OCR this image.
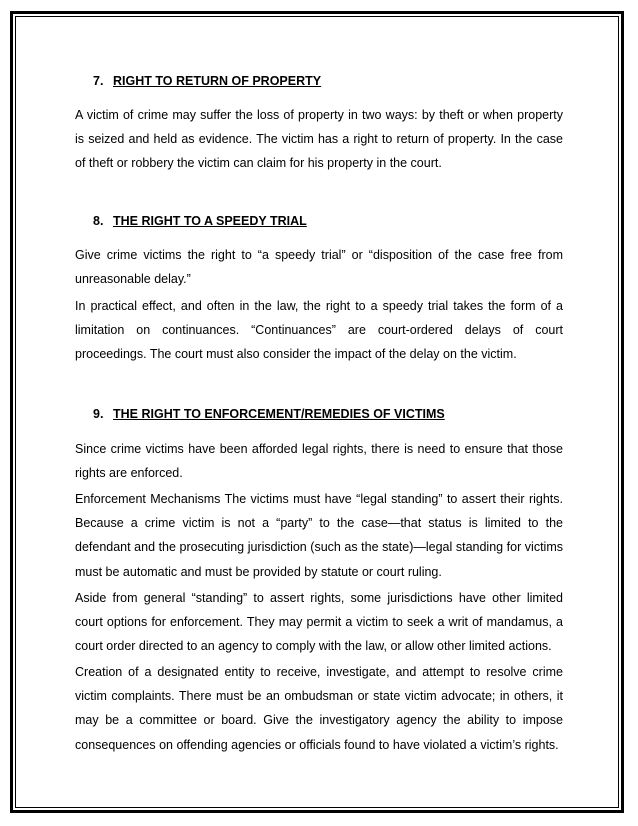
7. RIGHT TO RETURN OF PROPERTY
A victim of crime may suffer the loss of property in two ways: by theft or when property
is seized and held as evidence. The victim has a right to return of property. In the case
of theft or robbery the victim can claim for his property in the court.
8. THE RIGHT TO A SPEEDY TRIAL
Give crime victims the right to “a speedy trial” or “disposition of the case free from
unreasonable delay.”
In practical effect, and often in the law, the right to a speedy trial takes the form of a
limitation on continuances. “Continuances” are court-ordered delays of court
proceedings. The court must also consider the impact of the delay on the victim.
9. THE RIGHT TO ENFORCEMENT/REMEDIES OF VICTIMS
Since crime victims have been afforded legal rights, there is need to ensure that those
rights are enforced.
Enforcement Mechanisms The victims must have “legal standing” to assert their rights.
Because a crime victim is not a “party” to the case—that status is limited to the
defendant and the prosecuting jurisdiction (such as the state)—legal standing for victims
must be automatic and must be provided by statute or court ruling.
Aside from general “standing” to assert rights, some jurisdictions have other limited
court options for enforcement. They may permit a victim to seek a writ of mandamus, a
court order directed to an agency to comply with the law, or allow other limited actions.
Creation of a designated entity to receive, investigate, and attempt to resolve crime
victim complaints. There must be an ombudsman or state victim advocate; in others, it
may be a committee or board. Give the investigatory agency the ability to impose
consequences on offending agencies or officials found to have violated a victim’s rights.
